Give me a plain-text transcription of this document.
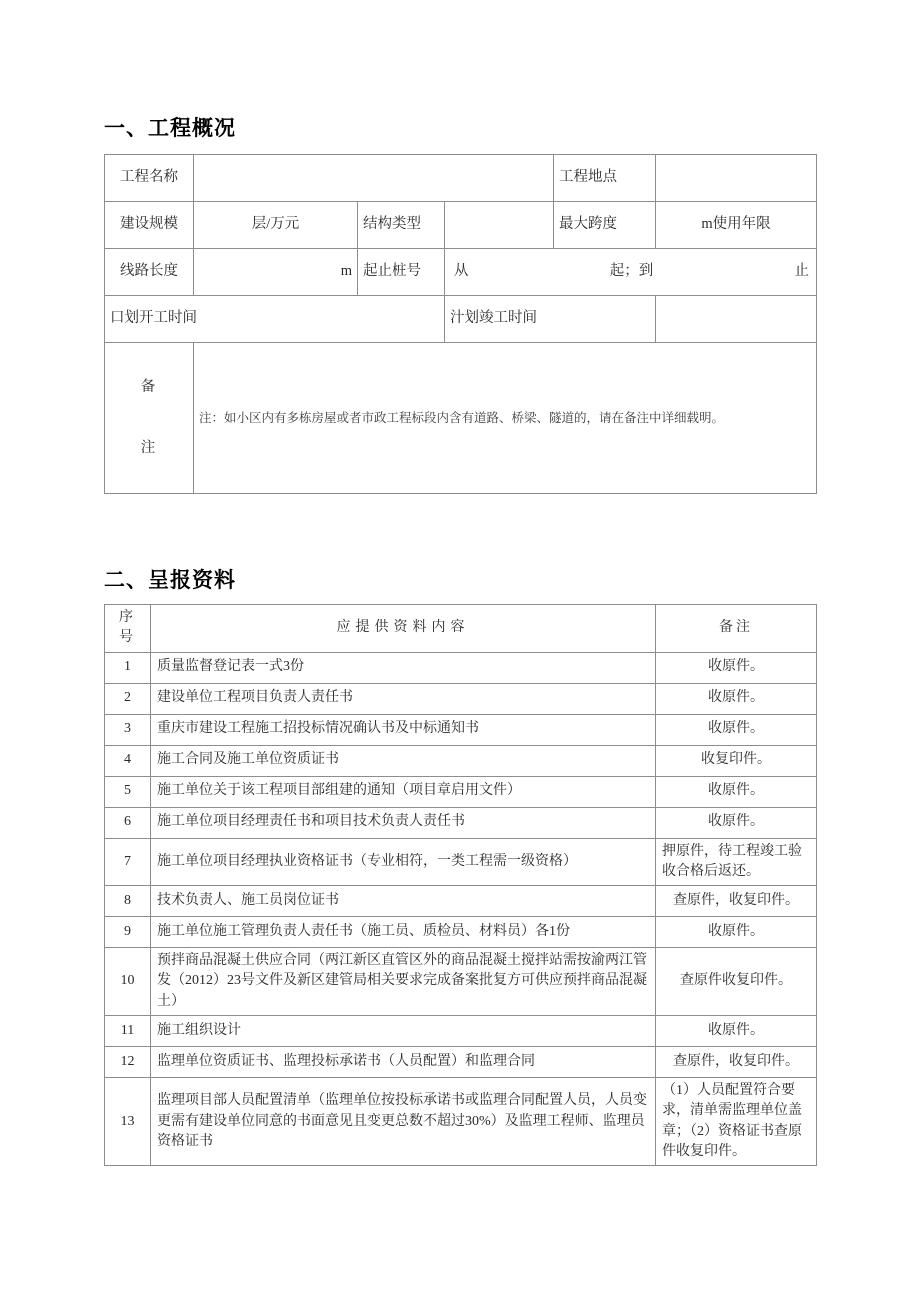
一、工程概况
工程名称				工程地点	
建设规模	层/万元	结构类型		最大跨度	m使用年限
线路长度	m	起止桩号	从 起；到 止		

口划开工时间			汁划竣工时间		

备
注	注：如小区内有多栋房屋或者市政工程标段内含有道路、桥梁、隧道的，请在备注中详细载明。				
二、呈报资料
序号	应提供资料内容	备注
1	质量监督登记表一式3份	收原件。
2	建设单位工程项目负责人责任书	收原件。
3	重庆市建设工程施工招投标情况确认书及中标通知书	收原件。
4	施工合同及施工单位资质证书	收复印件。
5	施工单位关于该工程项目部组建的通知（项目章启用文件）	收原件。
6	施工单位项目经理责任书和项目技术负责人责任书	收原件。
7	施工单位项目经理执业资格证书（专业相符，一类工程需一级资格）	押原件，待工程竣工验收合格后返还。
8	技术负责人、施工员岗位证书	查原件，收复印件。
9	施工单位施工管理负责人责任书（施工员、质检员、材料员）各1份	收原件。
10	预拌商品混凝土供应合同（两江新区直管区外的商品混凝土搅拌站需按渝两江管发（2012）23号文件及新区建管局相关要求完成备案批复方可供应预拌商品混凝土）	查原件收复印件。
11	施工组织设计	收原件。
12	监理单位资质证书、监理投标承诺书（人员配置）和监理合同	查原件，收复印件。
13	监理项目部人员配置清单（监理单位按投标承诺书或监理合同配置人员，人员变更需有建设单位同意的书面意见且变更总数不超过30%）及监理工程师、监理员资格证书	（1）人员配置符合要求，清单需监理单位盖章；（2）资格证书查原件收复印件。
